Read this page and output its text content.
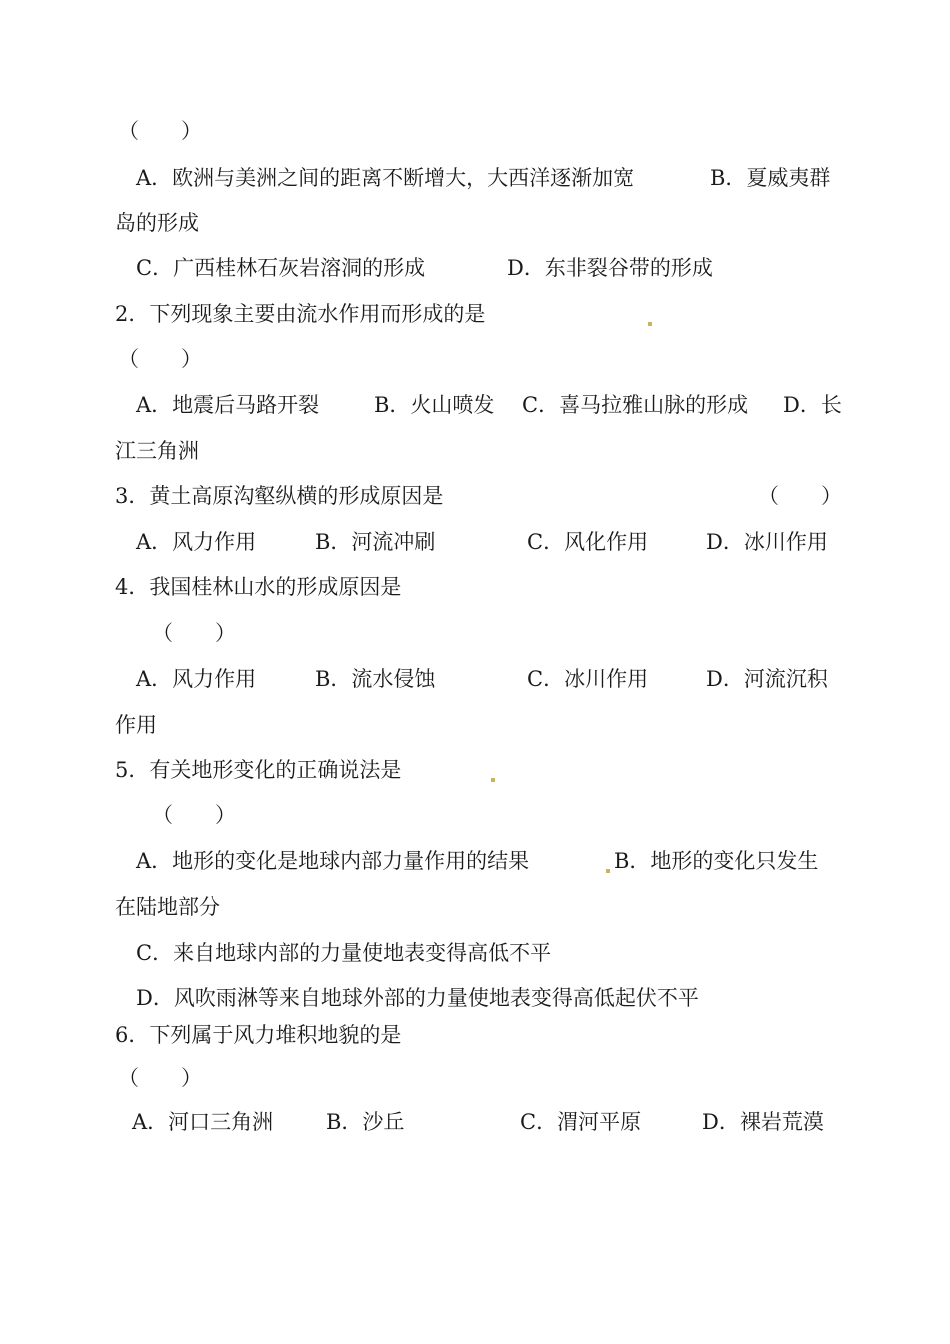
（　　）

A．欧洲与美洲之间的距离不断增大，大西洋逐渐加宽	B．夏威夷群

岛的形成

C．广西桂林石灰岩溶洞的形成	D．东非裂谷带的形成

2．下列现象主要由流水作用而形成的是

（　　）

A．地震后马路开裂	B．火山喷发 C．喜马拉雅山脉的形成 D．长

江三角洲

3．黄土高原沟壑纵横的形成原因是	（　　）

A．风力作用	B．河流冲刷	C．风化作用	D．冰川作用

4．我国桂林山水的形成原因是

（　　）

A．风力作用	B．流水侵蚀	C．冰川作用	D．河流沉积

作用

5．有关地形变化的正确说法是

（　　）

A．地形的变化是地球内部力量作用的结果	B．地形的变化只发生

在陆地部分

C．来自地球内部的力量使地表变得高低不平

D．风吹雨淋等来自地球外部的力量使地表变得高低起伏不平

6．下列属于风力堆积地貌的是

（　　）

A．河口三角洲	B．沙丘	C．渭河平原	D．裸岩荒漠
